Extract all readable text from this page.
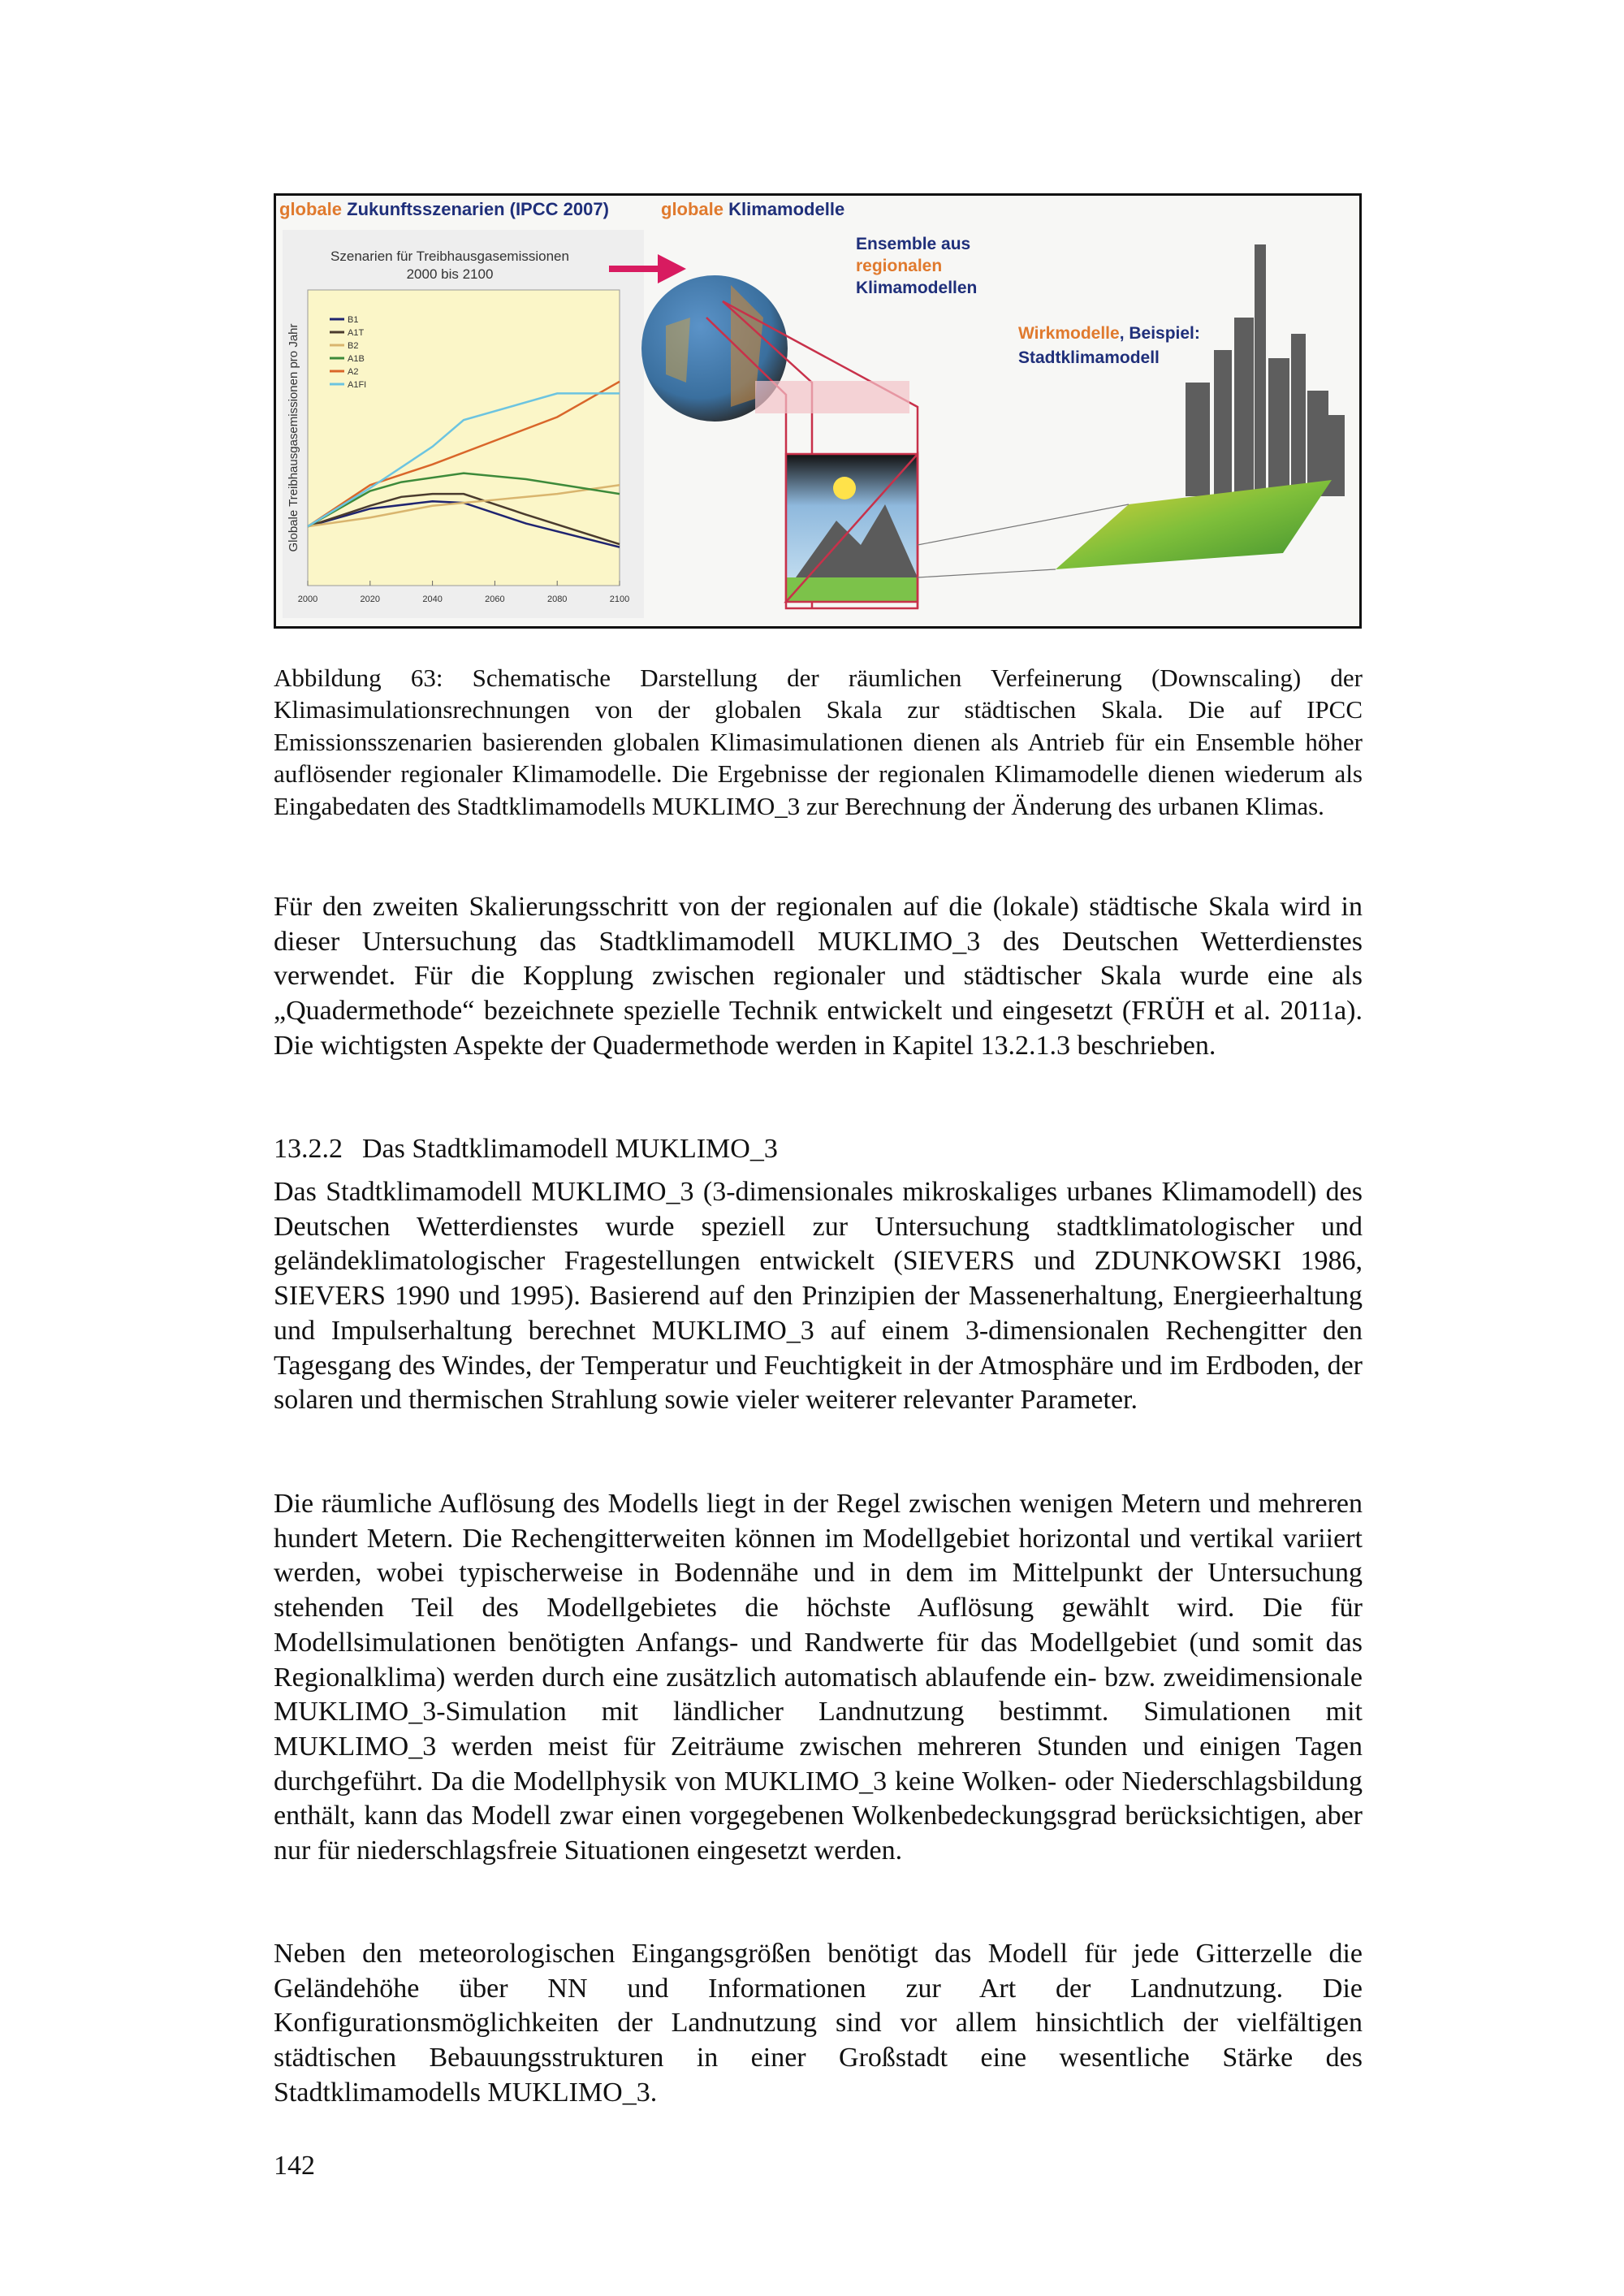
globale Zukunftsszenarien (IPCC 2007)	globale Klimamodelle
Szenarien für Treibhausgasemissionen
2000 bis 2100
2000	2020	2040	2060	2080	2100
Globale Treibhausgasemissionen pro Jahr
B1
A1T
B2
A1B
A2
A1FI
Ensemble aus
regionalen
Klimamodellen
Wirkmodelle, Beispiel:
Stadtklimamodell
Abbildung 63: Schematische Darstellung der räumlichen Verfeinerung (Downscaling) der Klimasimulationsrechnungen von der globalen Skala zur städtischen Skala. Die auf IPCC Emissionsszenarien basierenden globalen Klimasimulationen dienen als Antrieb für ein Ensemble höher auflösender regionaler Klimamodelle. Die Ergebnisse der regionalen Klimamodelle dienen wiederum als Eingabedaten des Stadtklimamodells MUKLIMO_3 zur Berechnung der Änderung des urbanen Klimas.
Für den zweiten Skalierungsschritt von der regionalen auf die (lokale) städtische Skala wird in dieser Untersuchung das Stadtklimamodell MUKLIMO_3 des Deutschen Wetterdienstes verwendet. Für die Kopplung zwischen regionaler und städtischer Skala wurde eine als „Quadermethode“ bezeichnete spezielle Technik entwickelt und eingesetzt (FRÜH et al. 2011a). Die wichtigsten Aspekte der Quadermethode werden in Kapitel 13.2.1.3 beschrieben.
13.2.2 Das Stadtklimamodell MUKLIMO_3
Das Stadtklimamodell MUKLIMO_3 (3-dimensionales mikroskaliges urbanes Klimamodell) des Deutschen Wetterdienstes wurde speziell zur Untersuchung stadtklimatologischer und geländeklimatologischer Fragestellungen entwickelt (SIEVERS und ZDUNKOWSKI 1986, SIEVERS 1990 und 1995). Basierend auf den Prinzipien der Massenerhaltung, Energieerhaltung und Impulserhaltung berechnet MUKLIMO_3 auf einem 3-dimensionalen Rechengitter den Tagesgang des Windes, der Temperatur und Feuchtigkeit in der Atmosphäre und im Erdboden, der solaren und thermischen Strahlung sowie vieler weiterer relevanter Parameter.
Die räumliche Auflösung des Modells liegt in der Regel zwischen wenigen Metern und mehreren hundert Metern. Die Rechengitterweiten können im Modellgebiet horizontal und vertikal variiert werden, wobei typischerweise in Bodennähe und in dem im Mittelpunkt der Untersuchung stehenden Teil des Modellgebietes die höchste Auflösung gewählt wird. Die für Modellsimulationen benötigten Anfangs- und Randwerte für das Modellgebiet (und somit das Regionalklima) werden durch eine zusätzlich automatisch ablaufende ein- bzw. zweidimensionale MUKLIMO_3-Simulation mit ländlicher Landnutzung bestimmt. Simulationen mit MUKLIMO_3 werden meist für Zeiträume zwischen mehreren Stunden und einigen Tagen durchgeführt. Da die Modellphysik von MUKLIMO_3 keine Wolken- oder Niederschlagsbildung enthält, kann das Modell zwar einen vorgegebenen Wolkenbedeckungsgrad berücksichtigen, aber nur für niederschlagsfreie Situationen eingesetzt werden.
Neben den meteorologischen Eingangsgrößen benötigt das Modell für jede Gitterzelle die Geländehöhe über NN und Informationen zur Art der Landnutzung. Die Konfigurationsmöglichkeiten der Landnutzung sind vor allem hinsichtlich der vielfältigen städtischen Bebauungsstrukturen in einer Großstadt eine wesentliche Stärke des Stadtklimamodells MUKLIMO_3.
142
